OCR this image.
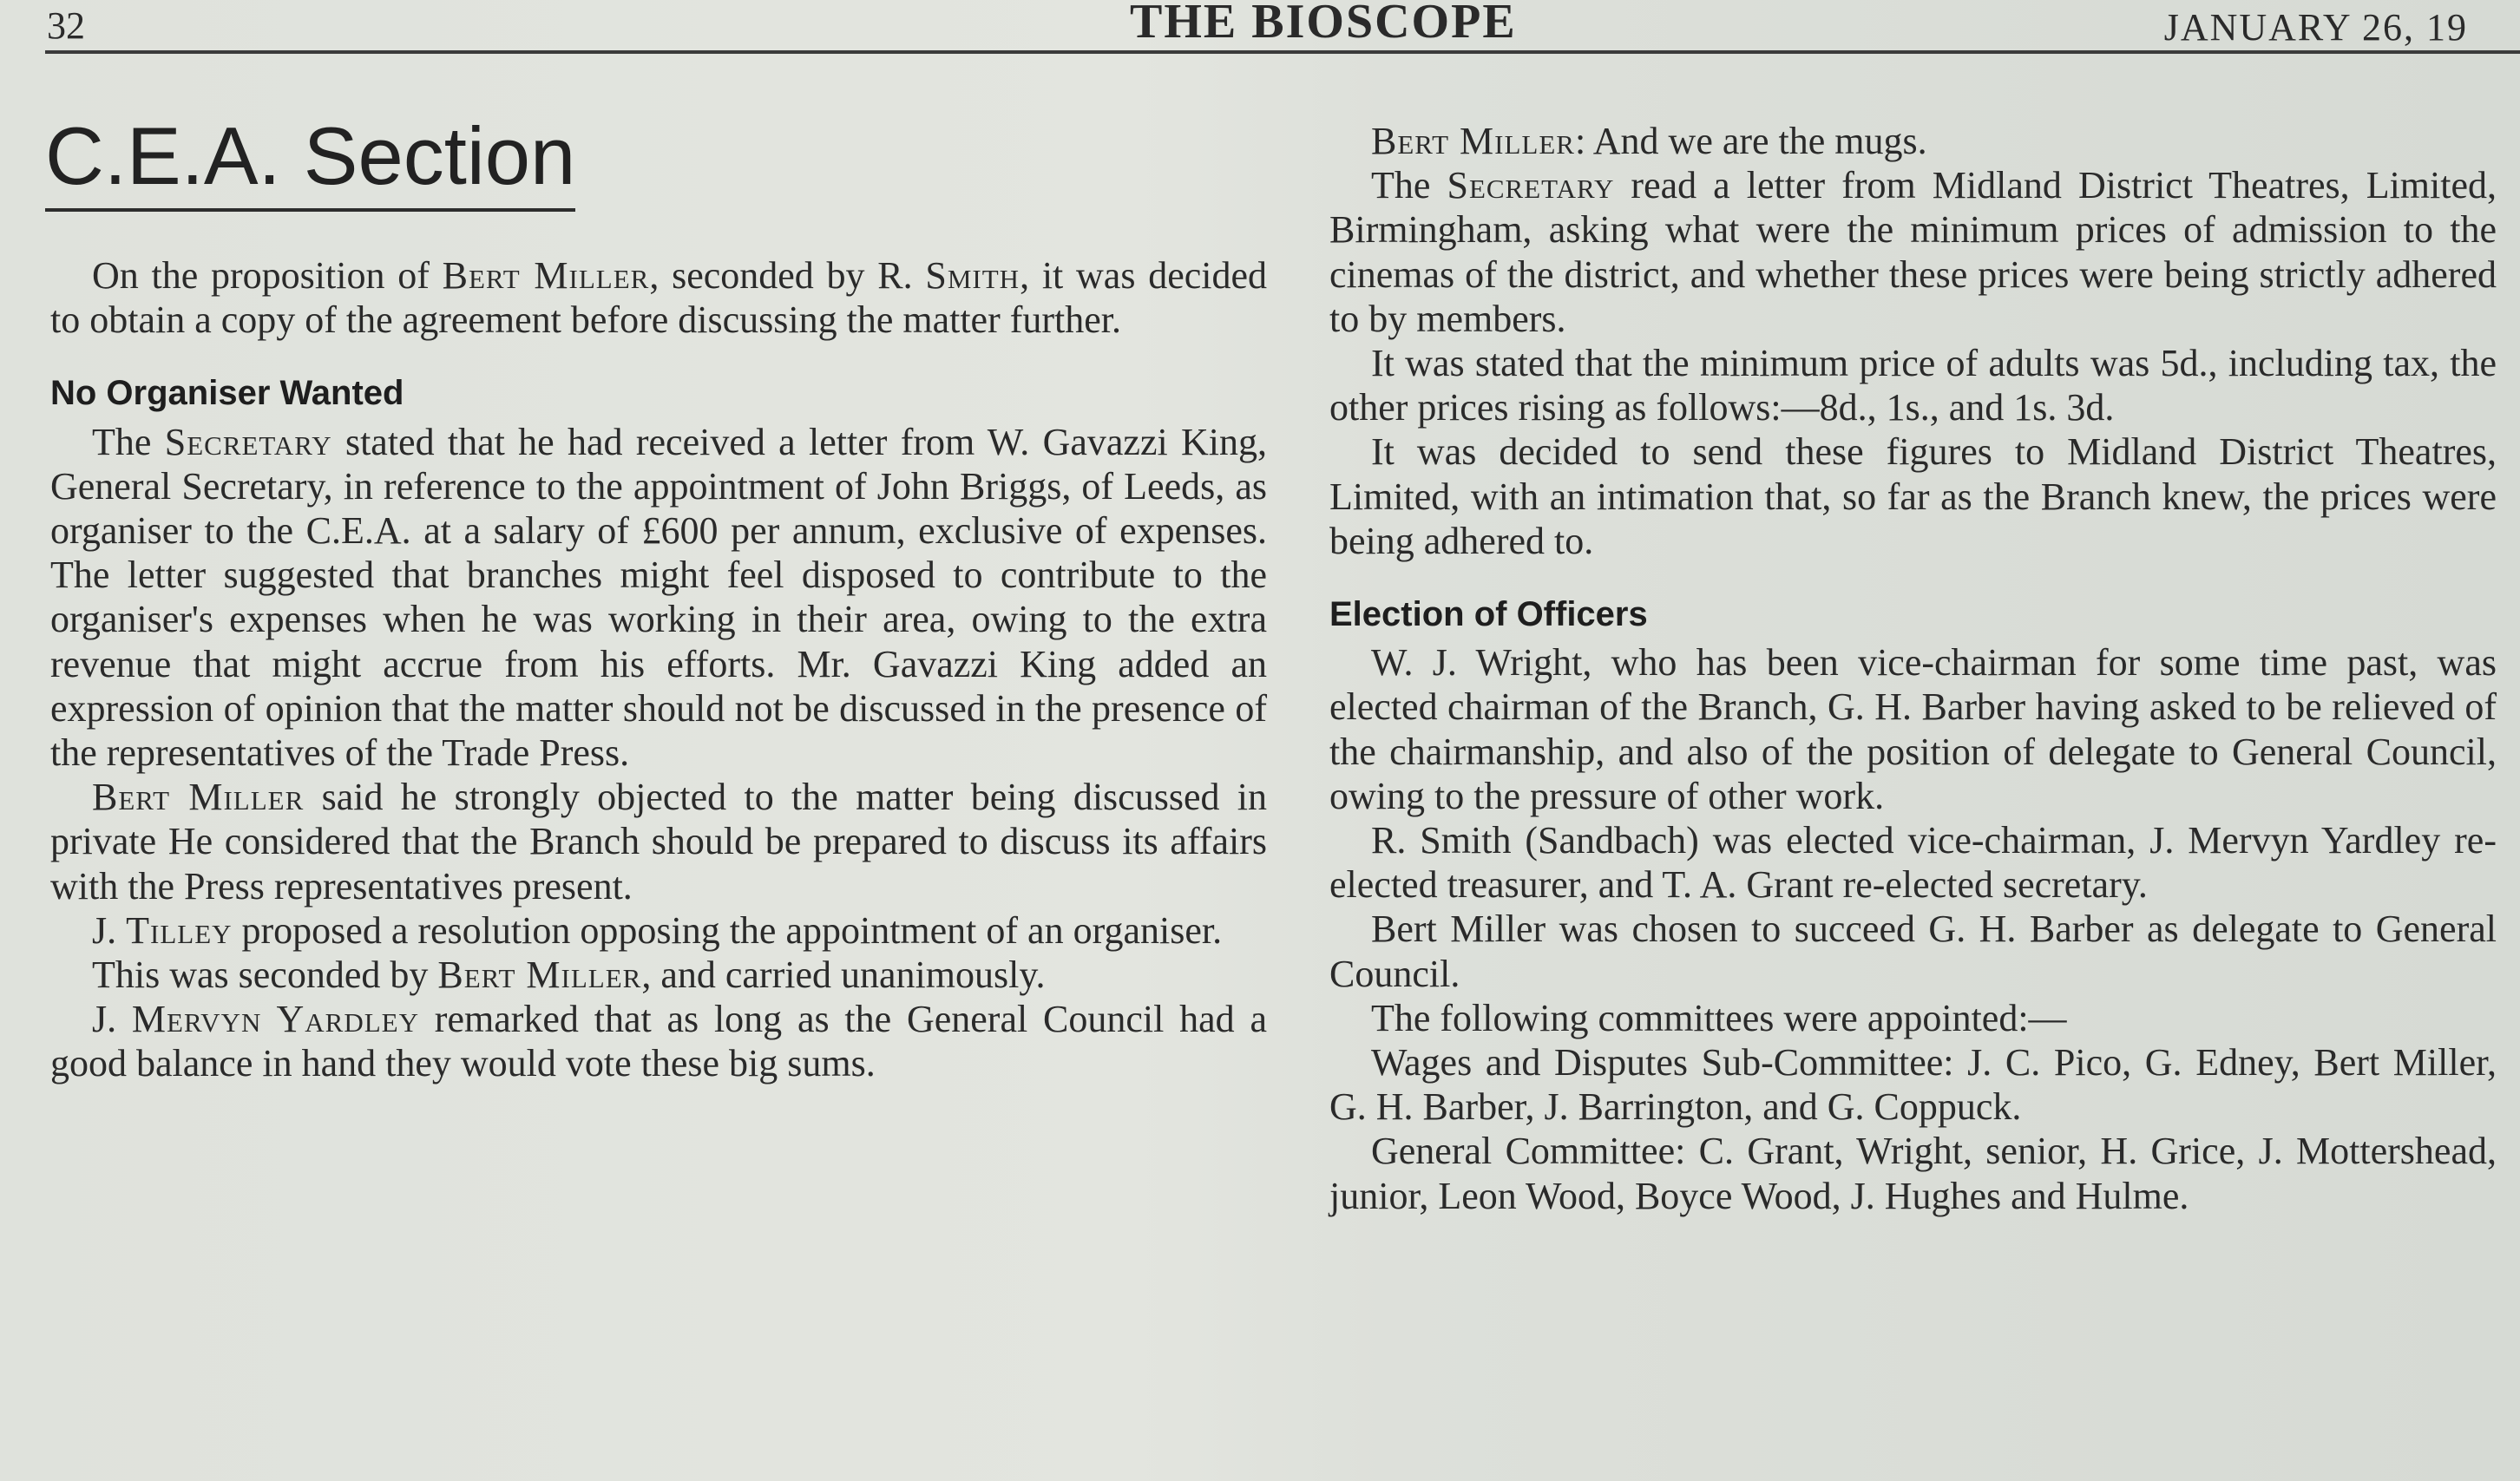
32	THE BIOSCOPE	JANUARY 26, 19
C.E.A. Section

On the proposition of Bert Miller, seconded by R. Smith, it was decided to obtain a copy of the agreement before discussing the matter further.

No Organiser Wanted

The Secretary stated that he had received a letter from W. Gavazzi King, General Secretary, in reference to the appointment of John Briggs, of Leeds, as organiser to the C.E.A. at a salary of £600 per annum, exclusive of expenses. The letter suggested that branches might feel disposed to contribute to the organiser's expenses when he was working in their area, owing to the extra revenue that might accrue from his efforts. Mr. Gavazzi King added an expression of opinion that the matter should not be discussed in the presence of the representatives of the Trade Press.

Bert Miller said he strongly objected to the matter being discussed in private He considered that the Branch should be prepared to discuss its affairs with the Press representatives present.

J. Tilley proposed a resolution opposing the appointment of an organiser.

This was seconded by Bert Miller, and carried unanimously.

J. Mervyn Yardley remarked that as long as the General Council had a good balance in hand they would vote these big sums.

Bert Miller: And we are the mugs.

The Secretary read a letter from Midland District Theatres, Limited, Birmingham, asking what were the minimum prices of admission to the cinemas of the district, and whether these prices were being strictly adhered to by members.

It was stated that the minimum price of adults was 5d., including tax, the other prices rising as follows:—8d., 1s., and 1s. 3d.

It was decided to send these figures to Midland District Theatres, Limited, with an intimation that, so far as the Branch knew, the prices were being adhered to.

Election of Officers

W. J. Wright, who has been vice-chairman for some time past, was elected chairman of the Branch, G. H. Barber having asked to be relieved of the chairmanship, and also of the position of delegate to General Council, owing to the pressure of other work.

R. Smith (Sandbach) was elected vice-chairman, J. Mervyn Yardley re-elected treasurer, and T. A. Grant re-elected secretary.

Bert Miller was chosen to succeed G. H. Barber as delegate to General Council.

The following committees were appointed:—

Wages and Disputes Sub-Committee: J. C. Pico, G. Edney, Bert Miller, G. H. Barber, J. Barrington, and G. Coppuck.

General Committee: C. Grant, Wright, senior, H. Grice, J. Mottershead, junior, Leon Wood, Boyce Wood, J. Hughes and Hulme.
